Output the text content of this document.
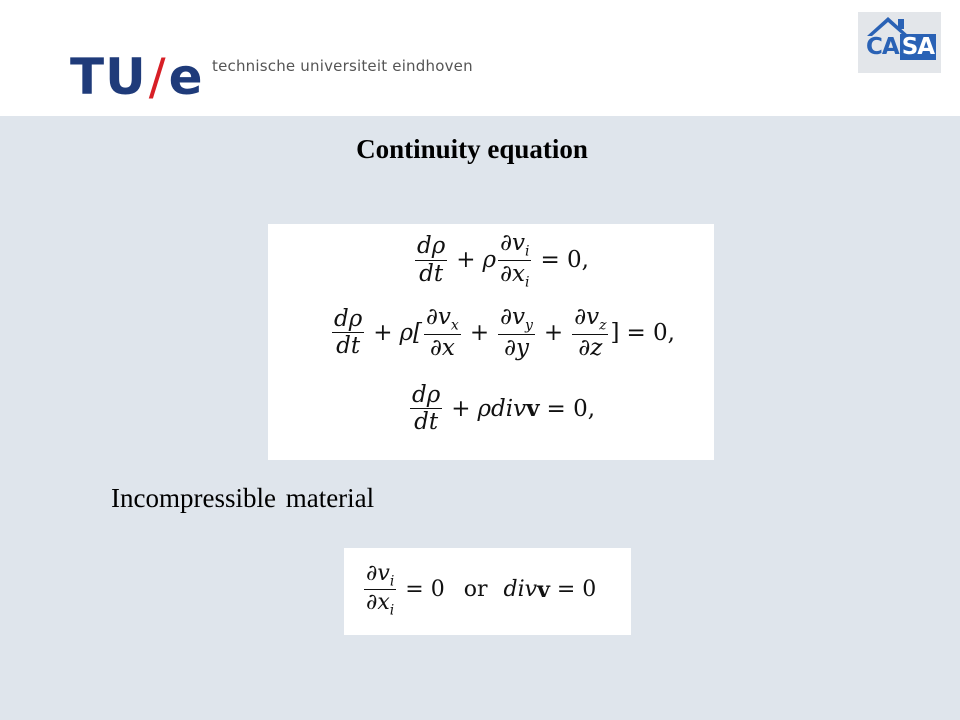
TU/e technische universiteit eindhoven
CA SA
Continuity equation
$\frac{d\rho}{dt} + \rho \frac{\partial v_i}{\partial x_i} = 0$,
$\frac{d\rho}{dt} + \rho[ \frac{\partial v_x}{\partial x} + \frac{\partial v_y}{\partial y} + \frac{\partial v_z}{\partial z}$ ] = 0,
$\frac{d\rho}{dt} + \rho div$ v = 0,
Incompressible material
$\frac{\partial v_i}{\partial x_i} = 0$ or div v = 0
